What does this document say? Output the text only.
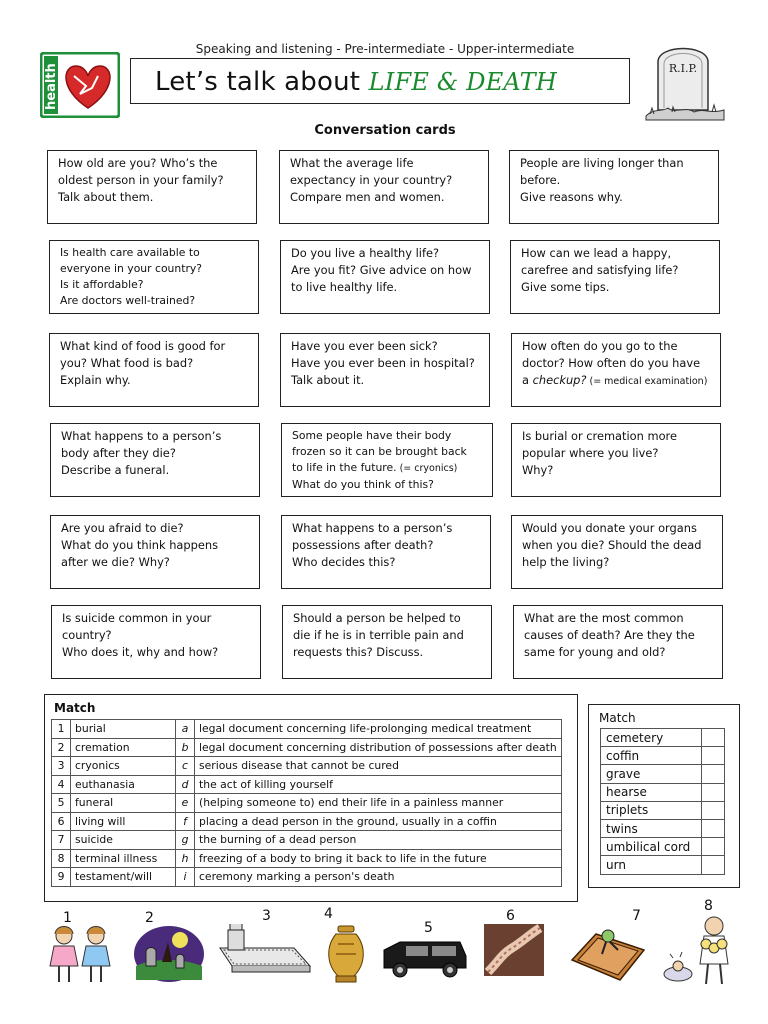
Speaking and listening - Pre-intermediate - Upper-intermediate
health	Let’s talk about LIFE & DEATH	R.I.P.
Conversation cards
How old are you? Who’s the
oldest person in your family?
Talk about them.
What the average life
expectancy in your country?
Compare men and women.
People are living longer than
before.
Give reasons why.
Is health care available to
everyone in your country?
Is it affordable?
Are doctors well-trained?
Do you live a healthy life?
Are you fit? Give advice on how
to live healthy life.
How can we lead a happy,
carefree and satisfying life?
Give some tips.
What kind of food is good for
you? What food is bad?
Explain why.
Have you ever been sick?
Have you ever been in hospital?
Talk about it.
How often do you go to the
doctor? How often do you have
a checkup? (= medical examination)
What happens to a person’s
body after they die?
Describe a funeral.
Some people have their body
frozen so it can be brought back
to life in the future. (= cryonics)
What do you think of this?
Is burial or cremation more
popular where you live?
Why?
Are you afraid to die?
What do you think happens
after we die? Why?
What happens to a person’s
possessions after death?
Who decides this?
Would you donate your organs
when you die? Should the dead
help the living?
Is suicide common in your
country?
Who does it, why and how?
Should a person be helped to
die if he is in terrible pain and
requests this? Discuss.
What are the most common
causes of death? Are they the
same for young and old?
Match
1	burial	a	legal document concerning life-prolonging medical treatment
2	cremation	b	legal document concerning distribution of possessions after death
3	cryonics	c	serious disease that cannot be cured
4	euthanasia	d	the act of killing yourself
5	funeral	e	(helping someone to) end their life in a painless manner
6	living will	f	placing a dead person in the ground, usually in a coffin
7	suicide	g	the burning of a dead person
8	terminal illness	h	freezing of a body to bring it back to life in the future
9	testament/will	i	ceremony marking a person's death
Match
cemetery	
coffin	
grave	
hearse	
triplets	
twins	
umbilical cord	
urn	
1	2	3	4
5
6	7
8
